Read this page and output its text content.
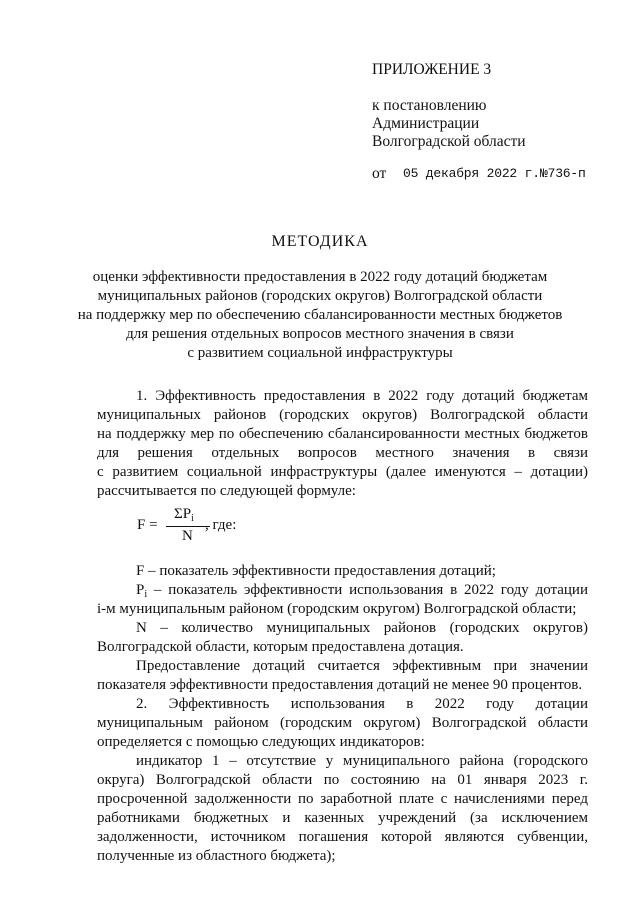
ПРИЛОЖЕНИЕ 3
к постановлению
Администрации
Волгоградской области
от 05 декабря 2022 г. №736-п
МЕТОДИКА
оценки эффективности предоставления в 2022 году дотаций бюджетам
муниципальных районов (городских округов) Волгоградской области
на поддержку мер по обеспечению сбалансированности местных бюджетов
для решения отдельных вопросов местного значения в связи
с развитием социальной инфраструктуры
1. Эффективность предоставления в 2022 году дотаций бюджетам
муниципальных районов (городских округов) Волгоградской области
на поддержку мер по обеспечению сбалансированности местных бюджетов
для решения отдельных вопросов местного значения в связи
с развитием социальной инфраструктуры (далее именуются – дотации)
рассчитывается по следующей формуле:
F =
$\Sigma P_i$
N
, где:
F – показатель эффективности предоставления дотаций;
$P_i$ – показатель эффективности использования в 2022 году дотации
i-м муниципальным районом (городским округом) Волгоградской области;
N – количество муниципальных районов (городских округов)
Волгоградской области, которым предоставлена дотация.
Предоставление дотаций считается эффективным при значении
показателя эффективности предоставления дотаций не менее 90 процентов.
2. Эффективность использования в 2022 году дотации
муниципальным районом (городским округом) Волгоградской области
определяется с помощью следующих индикаторов:
индикатор 1 – отсутствие у муниципального района (городского
округа) Волгоградской области по состоянию на 01 января 2023 г.
просроченной задолженности по заработной плате с начислениями перед
работниками бюджетных и казенных учреждений (за исключением
задолженности, источником погашения которой являются субвенции,
полученные из областного бюджета);
